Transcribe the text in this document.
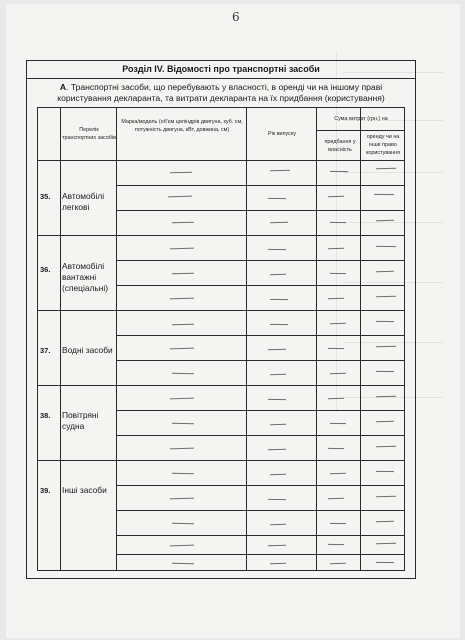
6
Розділ IV. Відомості про транспортні засоби
А. Транспортні засоби, що перебувають у власності, в оренді чи на іншому праві користування декларанта, та витрати декларанта на їх придбання (користування)
Перелік транспортних засобів
Марка/модель (об'єм циліндрів двигуна, куб. см, потужність двигуна, кВт, довжина, см)
Рік випуску
Сума витрат (грн.) на
придбання у власність
оренду чи на інше право користування
35. Автомобілі легкові
36. Автомобілі вантажні (спеціальні)
37. Водні засоби
38. Повітряні судна
39. Інші засоби
